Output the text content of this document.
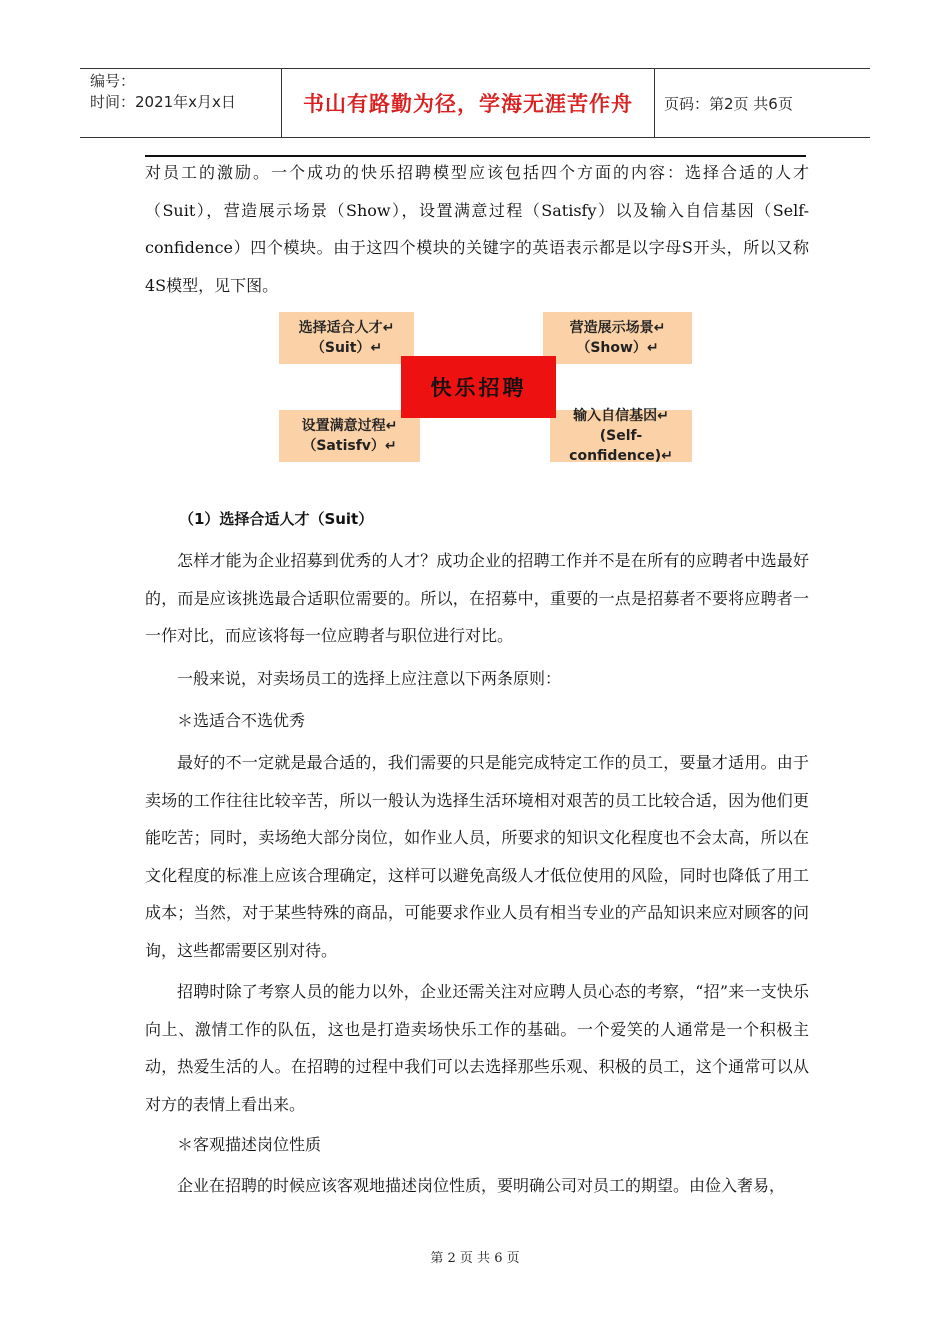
编号：
时间：2021年x月x日	书山有路勤为径，学海无涯苦作舟	页码：第2页 共6页

对员工的激励。一个成功的快乐招聘模型应该包括四个方面的内容：选择合适的人才（Suit），营造展示场景（Show），设置满意过程（Satisfy）以及输入自信基因（Self-confidence）四个模块。由于这四个模块的关键字的英语表示都是以字母S开头，所以又称4S模型，见下图。

选择适合人才↵
（Suit）↵
营造展示场景↵
（Show）↵
设置满意过程↵
（Satisfv）↵
输入自信基因↵
(Self-confidence)↵
快乐招聘

（1）选择合适人才（Suit）

怎样才能为企业招募到优秀的人才？成功企业的招聘工作并不是在所有的应聘者中选最好的，而是应该挑选最合适职位需要的。所以，在招募中，重要的一点是招募者不要将应聘者一一作对比，而应该将每一位应聘者与职位进行对比。

一般来说，对卖场员工的选择上应注意以下两条原则：

＊选适合不选优秀

最好的不一定就是最合适的，我们需要的只是能完成特定工作的员工，要量才适用。由于卖场的工作往往比较辛苦，所以一般认为选择生活环境相对艰苦的员工比较合适，因为他们更能吃苦；同时，卖场绝大部分岗位，如作业人员，所要求的知识文化程度也不会太高，所以在文化程度的标准上应该合理确定，这样可以避免高级人才低位使用的风险，同时也降低了用工成本；当然，对于某些特殊的商品，可能要求作业人员有相当专业的产品知识来应对顾客的问询，这些都需要区别对待。

招聘时除了考察人员的能力以外，企业还需关注对应聘人员心态的考察，“招”来一支快乐向上、激情工作的队伍，这也是打造卖场快乐工作的基础。一个爱笑的人通常是一个积极主动，热爱生活的人。在招聘的过程中我们可以去选择那些乐观、积极的员工，这个通常可以从对方的表情上看出来。

＊客观描述岗位性质

企业在招聘的时候应该客观地描述岗位性质，要明确公司对员工的期望。由俭入奢易，

第 2 页 共 6 页
